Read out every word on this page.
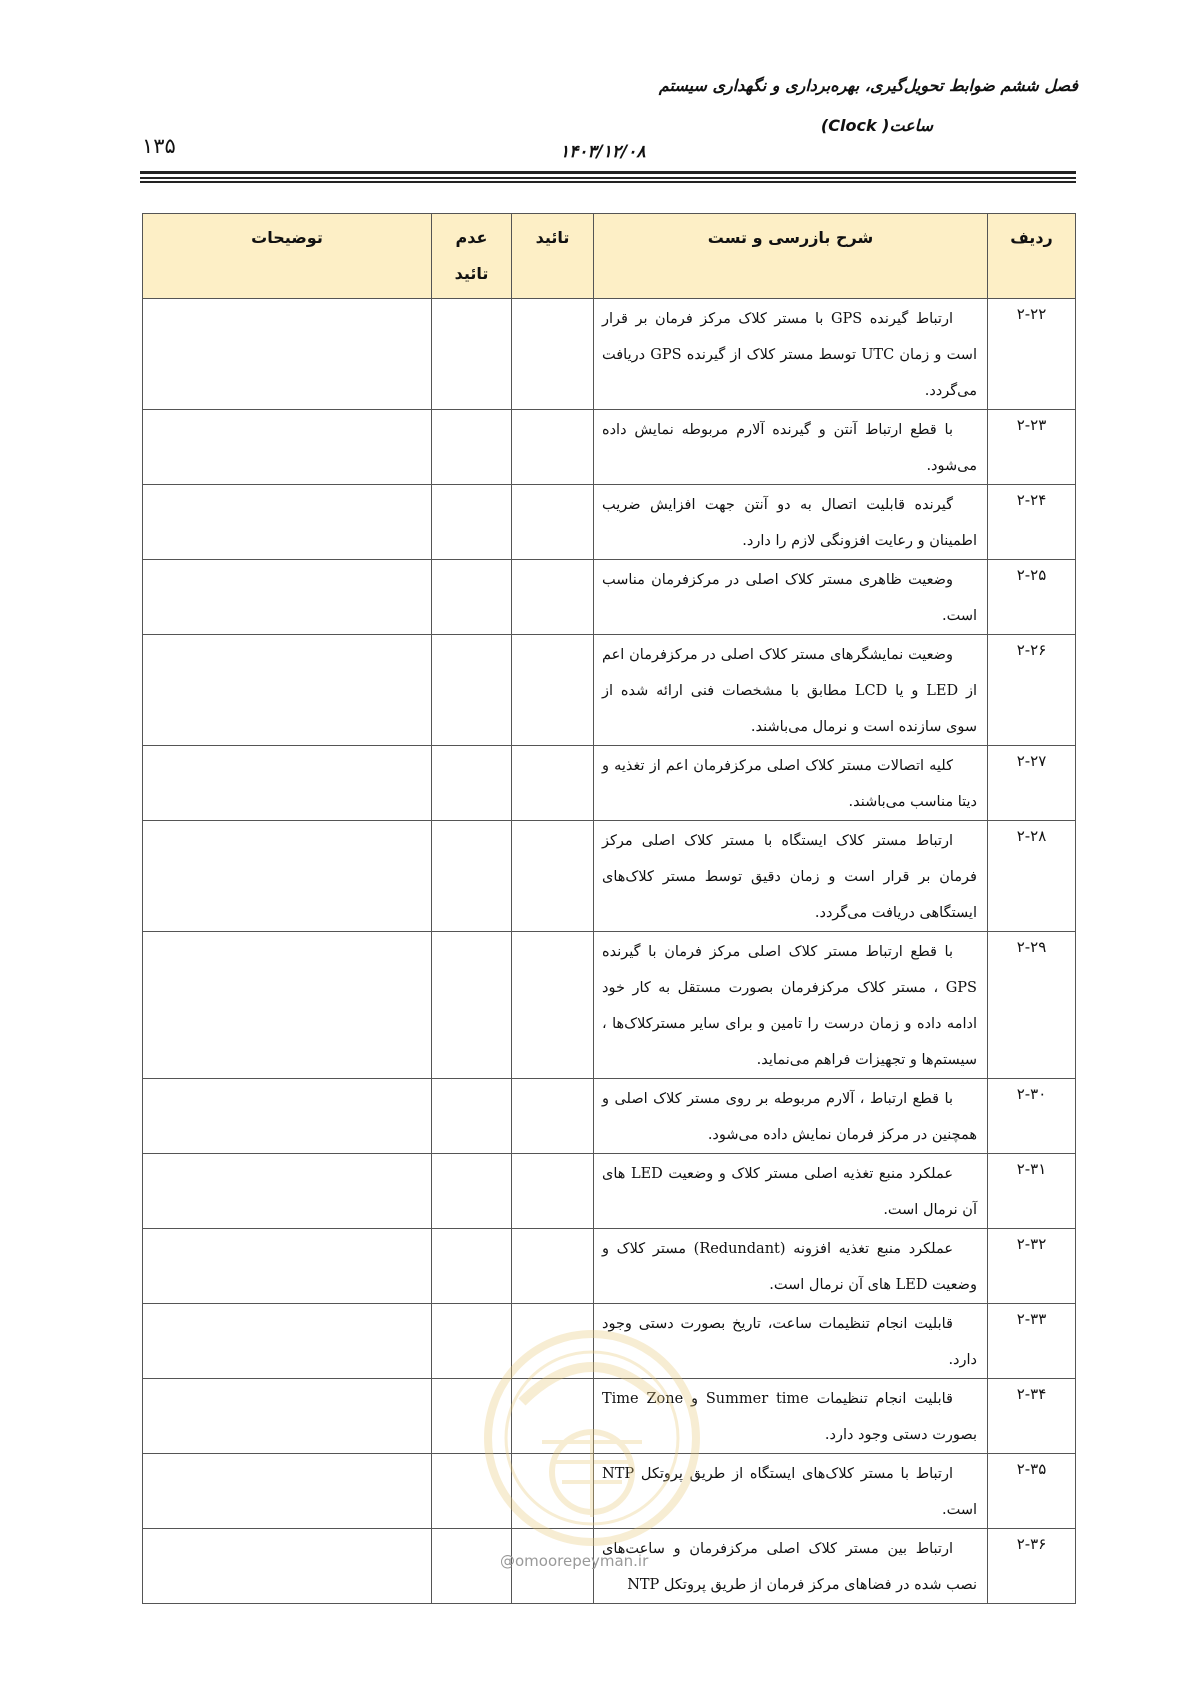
فصل ششم ضوابط تحویل‌گیری، بهره‌برداری و نگهداری سیستم
ساعت( Clock)
۱۴۰۳/۱۲/۰۸
۱۳۵
ردیف	شرح بازرسی و تست	تائید	عدم تائید	توضیحات
۲-۲۲	ارتباط گیرنده GPS با مستر کلاک مرکز فرمان بر قرار است و زمان UTC توسط مستر کلاک از گیرنده GPS دریافت می‌گردد.			
۲-۲۳	با قطع ارتباط آنتن و گیرنده آلارم مربوطه نمایش داده می‌شود.			
۲-۲۴	گیرنده قابلیت اتصال به دو آنتن جهت افزایش ضریب اطمینان و رعایت افزونگی لازم را دارد.			
۲-۲۵	وضعیت ظاهری مستر کلاک اصلی در مرکزفرمان مناسب است.			
۲-۲۶	وضعیت نمایشگرهای مستر کلاک اصلی در مرکزفرمان اعم از LED و یا LCD مطابق با مشخصات فنی ارائه شده از سوی سازنده است و نرمال می‌باشند.			
۲-۲۷	کلیه اتصالات مستر کلاک اصلی مرکزفرمان اعم از تغذیه و دیتا مناسب می‌باشند.			
۲-۲۸	ارتباط مستر کلاک ایستگاه با مستر کلاک اصلی مرکز فرمان بر قرار است و زمان دقیق توسط مستر کلاک‌های ایستگاهی دریافت می‌گردد.			
۲-۲۹	با قطع ارتباط مستر کلاک اصلی مرکز فرمان با گیرنده GPS ، مستر کلاک مرکزفرمان بصورت مستقل به کار خود ادامه داده و زمان درست را تامین و برای سایر مسترکلاک‌ها ، سیستم‌ها و تجهیزات فراهم می‌نماید.			
۲-۳۰	با قطع ارتباط ، آلارم مربوطه بر روی مستر کلاک اصلی و همچنین در مرکز فرمان نمایش داده می‌شود.			
۲-۳۱	عملکرد منبع تغذیه اصلی مستر کلاک و وضعیت LED های آن نرمال است.			
۲-۳۲	عملکرد منبع تغذیه افزونه (Redundant) مستر کلاک و وضعیت LED های آن نرمال است.			
۲-۳۳	قابلیت انجام تنظیمات ساعت، تاریخ بصورت دستی وجود دارد.			
۲-۳۴	قابلیت انجام تنظیمات Summer time و Time Zone بصورت دستی وجود دارد.			
۲-۳۵	ارتباط با مستر کلاک‌های ایستگاه از طریق پروتکل NTP است.			
۲-۳۶	ارتباط بین مستر کلاک اصلی مرکزفرمان و ساعت‌های نصب شده در فضاهای مرکز فرمان از طریق پروتکل NTP			
@omoorepeyman.ir
